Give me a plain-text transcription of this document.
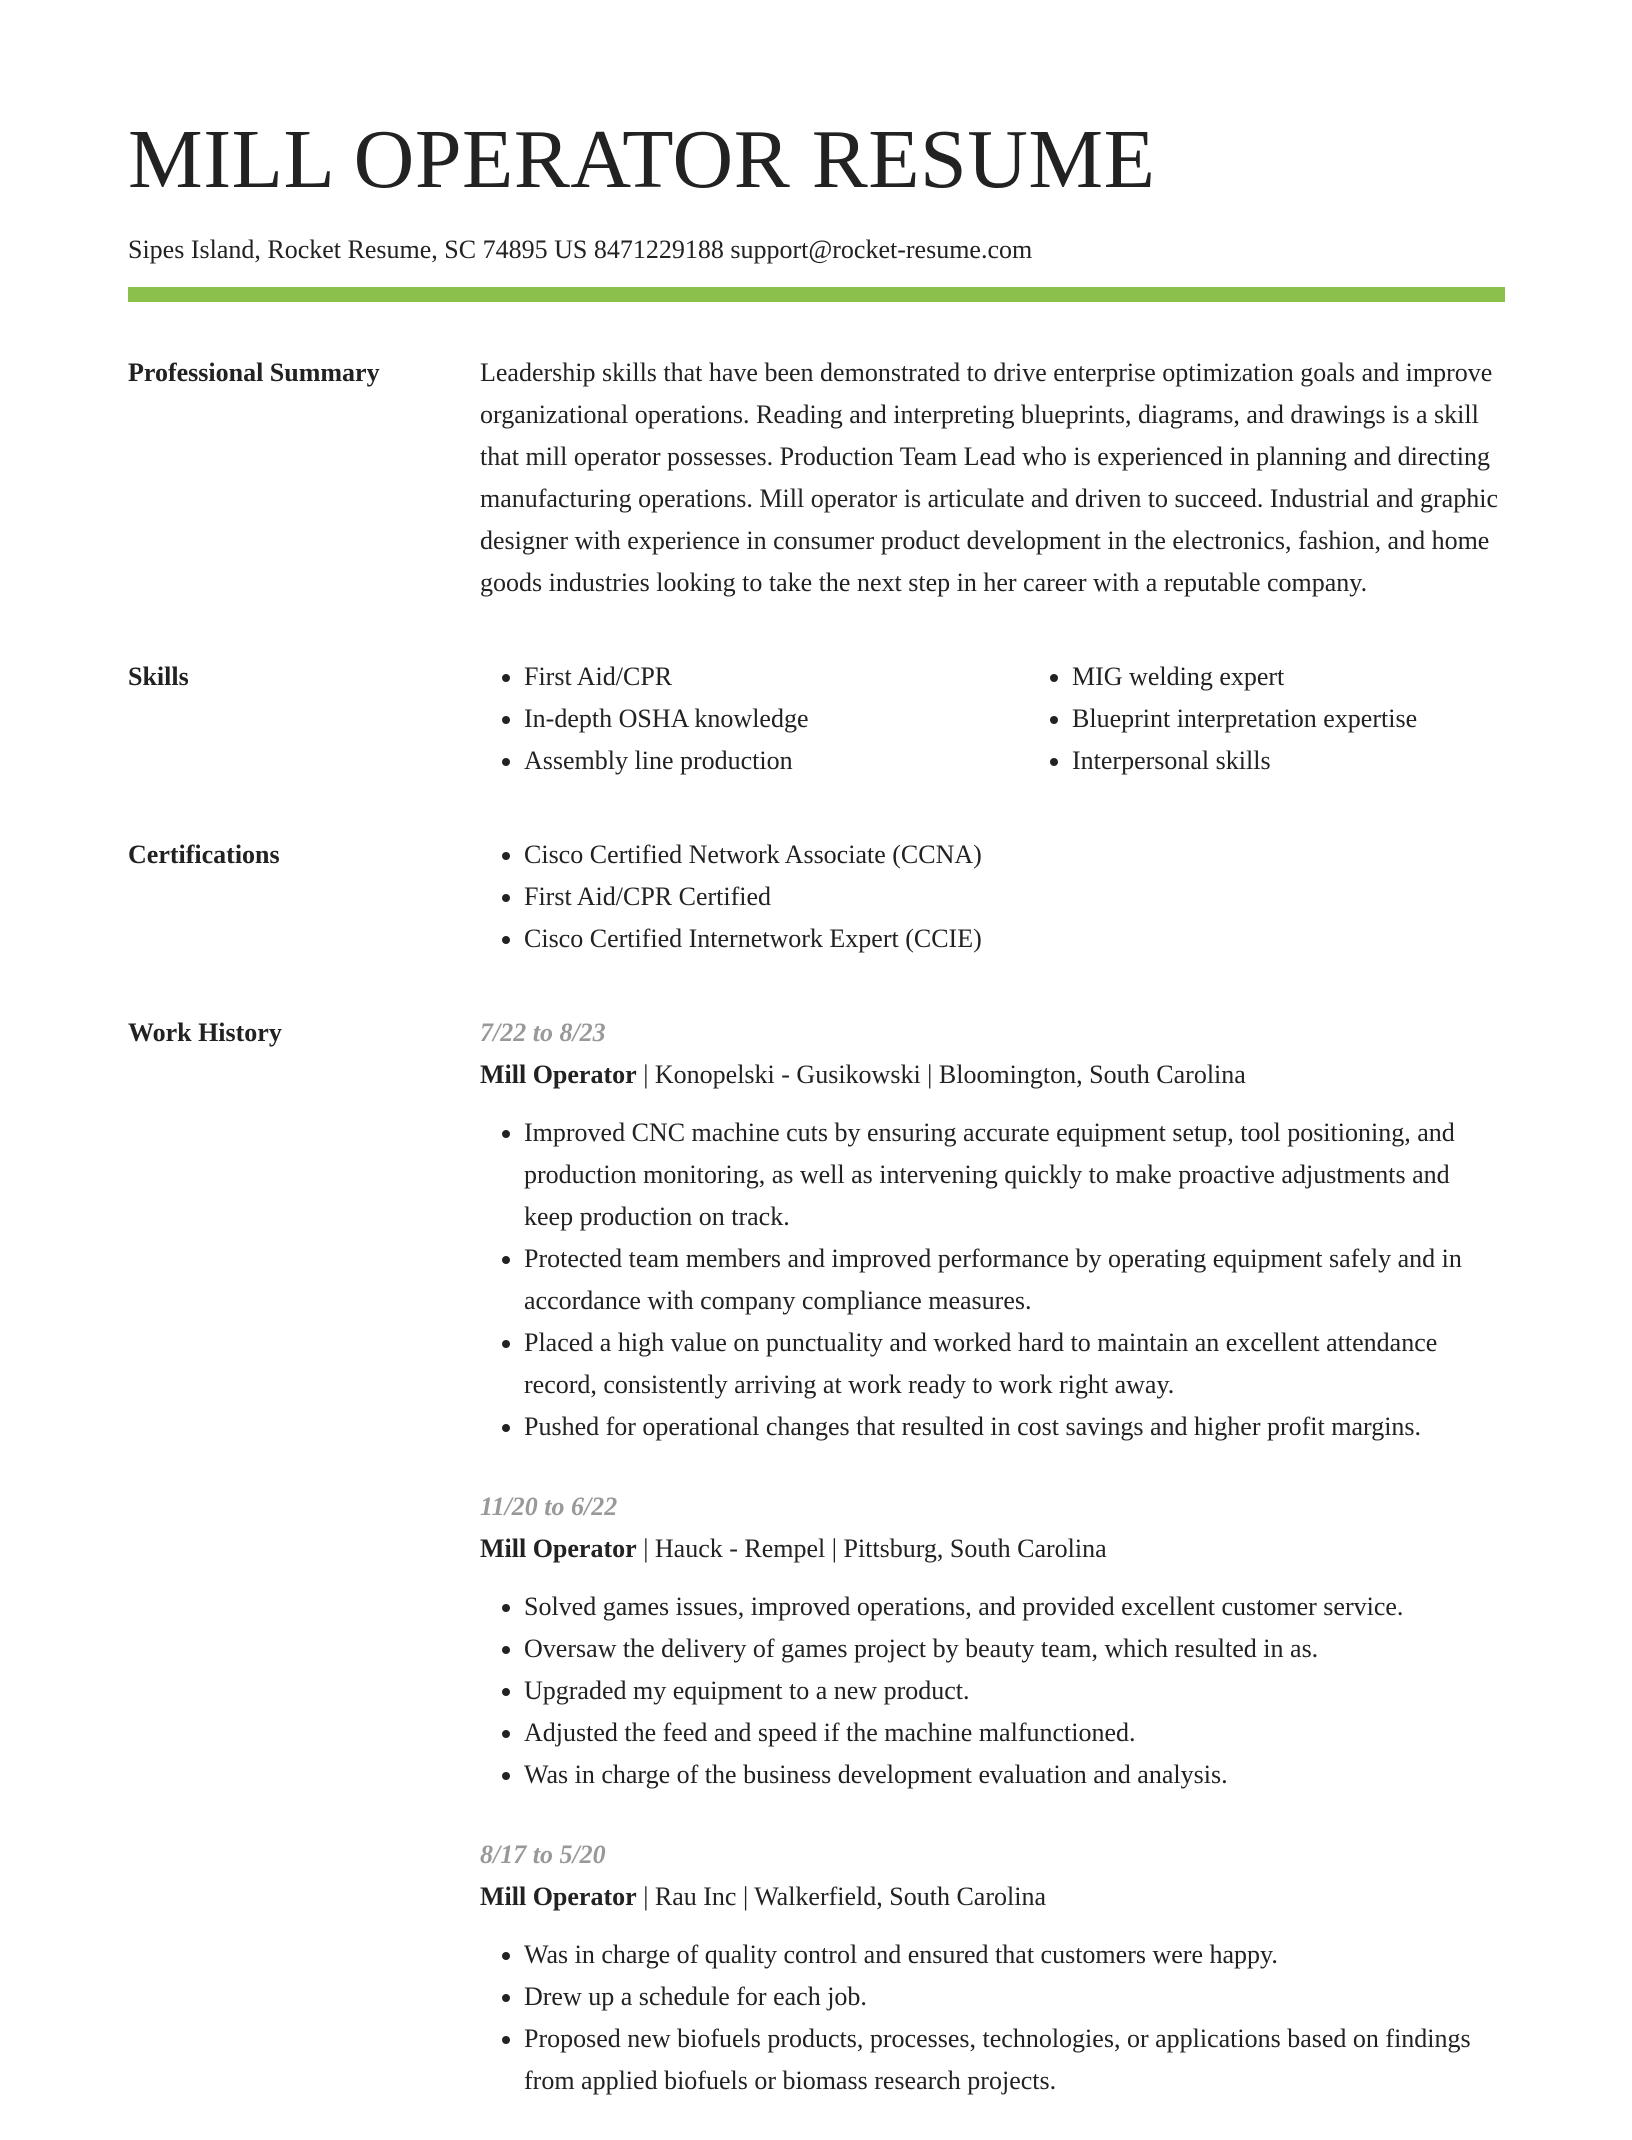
MILL OPERATOR RESUME
Sipes Island, Rocket Resume, SC 74895 US 8471229188 support@rocket-resume.com
Professional Summary	Leadership skills that have been demonstrated to drive enterprise optimization goals and improve organizational operations. Reading and interpreting blueprints, diagrams, and drawings is a skill that mill operator possesses. Production Team Lead who is experienced in planning and directing manufacturing operations. Mill operator is articulate and driven to succeed. Industrial and graphic designer with experience in consumer product development in the electronics, fashion, and home goods industries looking to take the next step in her career with a reputable company.

Skills	• First Aid/CPR
• In-depth OSHA knowledge
• Assembly line production
• MIG welding expert
• Blueprint interpretation expertise
• Interpersonal skills
Certifications	• Cisco Certified Network Associate (CCNA)
• First Aid/CPR Certified
• Cisco Certified Internetwork Expert (CCIE)
Work History	7/22 to 8/23
Mill Operator | Konopelski - Gusikowski | Bloomington, South Carolina
• Improved CNC machine cuts by ensuring accurate equipment setup, tool positioning, and production monitoring, as well as intervening quickly to make proactive adjustments and keep production on track.
• Protected team members and improved performance by operating equipment safely and in accordance with company compliance measures.
• Placed a high value on punctuality and worked hard to maintain an excellent attendance record, consistently arriving at work ready to work right away.
• Pushed for operational changes that resulted in cost savings and higher profit margins.
11/20 to 6/22
Mill Operator | Hauck - Rempel | Pittsburg, South Carolina
• Solved games issues, improved operations, and provided excellent customer service.
• Oversaw the delivery of games project by beauty team, which resulted in as.
• Upgraded my equipment to a new product.
• Adjusted the feed and speed if the machine malfunctioned.
• Was in charge of the business development evaluation and analysis.
8/17 to 5/20
Mill Operator | Rau Inc | Walkerfield, South Carolina
• Was in charge of quality control and ensured that customers were happy.
• Drew up a schedule for each job.
• Proposed new biofuels products, processes, technologies, or applications based on findings from applied biofuels or biomass research projects.
